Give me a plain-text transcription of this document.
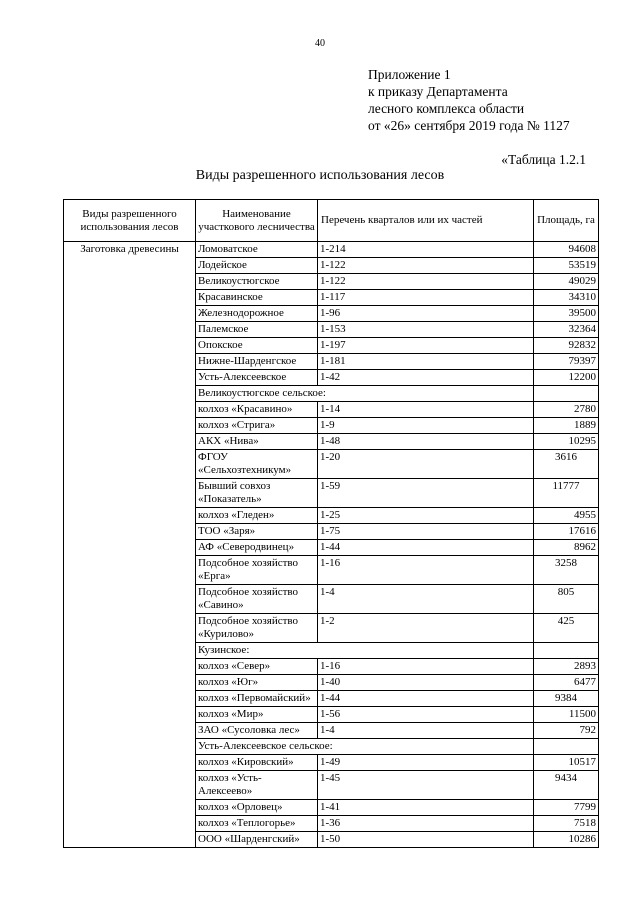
40
Приложение 1
к приказу Департамента
лесного комплекса области
от «26» сентября 2019 года № 1127
«Таблица 1.2.1
Виды разрешенного использования лесов
Виды разрешенного использования лесов	Наименование участкового лесничества	Перечень кварталов или их частей	Площадь, га
Заготовка древесины	Ломоватское	1-214	94608
	Лодейское	1-122	53519
	Великоустюгское	1-122	49029
	Красавинское	1-117	34310
	Железнодорожное	1-96	39500
	Палемское	1-153	32364
	Опокское	1-197	92832
	Нижне-Шарденгское	1-181	79397
	Усть-Алексеевское	1-42	12200
	Великоустюгское сельское:		
	колхоз «Красавино»	1-14	2780
	колхоз «Стрига»	1-9	1889
	АКХ «Нива»	1-48	10295
	ФГОУ «Сельхозтехникум»	1-20	3616
	Бывший совхоз «Показатель»	1-59	11777
	колхоз «Гледен»	1-25	4955
	ТОО «Заря»	1-75	17616
	АФ «Северодвинец»	1-44	8962
	Подсобное хозяйство «Ерга»	1-16	3258
	Подсобное хозяйство «Савино»	1-4	805
	Подсобное хозяйство «Курилово»	1-2	425
	Кузинское:		
	колхоз «Север»	1-16	2893
	колхоз «Юг»	1-40	6477
	колхоз «Первомайский»	1-44	9384
	колхоз «Мир»	1-56	11500
	ЗАО «Сусоловка лес»	1-4	792
	Усть-Алексеевское сельское:		
	колхоз «Кировский»	1-49	10517
	колхоз «Усть-Алексеево»	1-45	9434
	колхоз «Орловец»	1-41	7799
	колхоз «Теплогорье»	1-36	7518
	ООО «Шарденгский»	1-50	10286
